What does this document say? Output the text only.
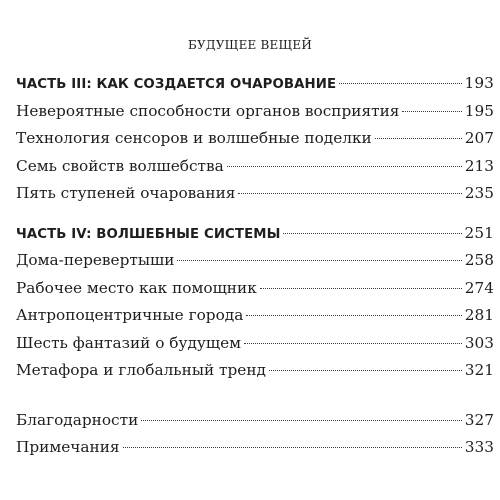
БУДУЩЕЕ ВЕЩЕЙ
ЧАСТЬ III: КАК СОЗДАЕТСЯ ОЧАРОВАНИЕ	193
Невероятные способности органов восприятия	195
Технология сенсоров и волшебные поделки	207
Семь свойств волшебства	213
Пять ступеней очарования	235
ЧАСТЬ IV: ВОЛШЕБНЫЕ СИСТЕМЫ	251
Дома-перевертыши	258
Рабочее место как помощник	274
Антропоцентричные города	281
Шесть фантазий о будущем	303
Метафора и глобальный тренд	321
Благодарности	327
Примечания	333
